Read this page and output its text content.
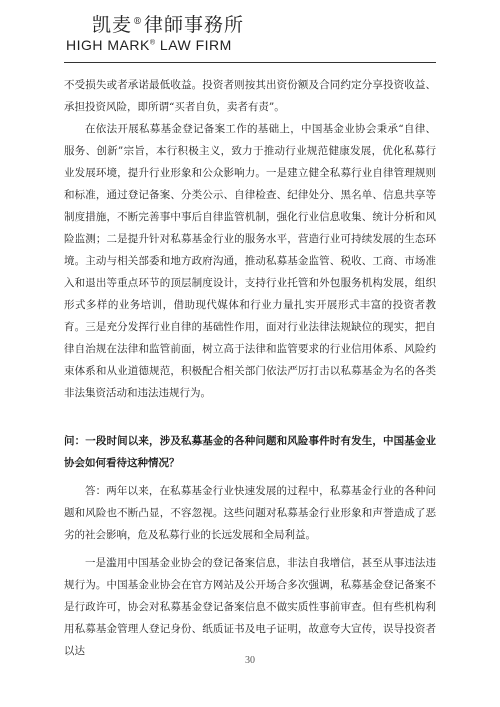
凯麦®律師事務所
HIGH MARK® LAW FIRM

不受损失或者承诺最低收益。投资者则按其出资份额及合同约定分享投资收益、承担投资风险，即所谓“买者自负，卖者有责”。

在依法开展私募基金登记备案工作的基础上，中国基金业协会秉承“自律、服务、创新”宗旨，本行积极主义，致力于推动行业规范健康发展，优化私募行业发展环境，提升行业形象和公众影响力。一是建立健全私募行业自律管理规则和标准，通过登记备案、分类公示、自律检查、纪律处分、黑名单、信息共享等制度措施，不断完善事中事后自律监管机制，强化行业信息收集、统计分析和风险监测；二是提升针对私募基金行业的服务水平，营造行业可持续发展的生态环境。主动与相关部委和地方政府沟通，推动私募基金监管、税收、工商、市场准入和退出等重点环节的顶层制度设计，支持行业托管和外包服务机构发展，组织形式多样的业务培训，借助现代媒体和行业力量扎实开展形式丰富的投资者教育。三是充分发挥行业自律的基础性作用，面对行业法律法规缺位的现实，把自律自治规在法律和监管前面，树立高于法律和监管要求的行业信用体系、风险约束体系和从业道德规范，积极配合相关部门依法严厉打击以私募基金为名的各类非法集资活动和违法违规行为。

问：一段时间以来，涉及私募基金的各种问题和风险事件时有发生，中国基金业协会如何看待这种情况？

答：两年以来，在私募基金行业快速发展的过程中，私募基金行业的各种问题和风险也不断凸显，不容忽视。这些问题对私募基金行业形象和声誉造成了恶劣的社会影响，危及私募行业的长远发展和全局利益。

一是滥用中国基金业协会的登记备案信息，非法自我增信，甚至从事违法违规行为。中国基金业协会在官方网站及公开场合多次强调，私募基金登记备案不是行政许可，协会对私募基金登记备案信息不做实质性事前审查。但有些机构利用私募基金管理人登记身份、纸质证书及电子证明，故意夸大宣传，误导投资者以达

30
